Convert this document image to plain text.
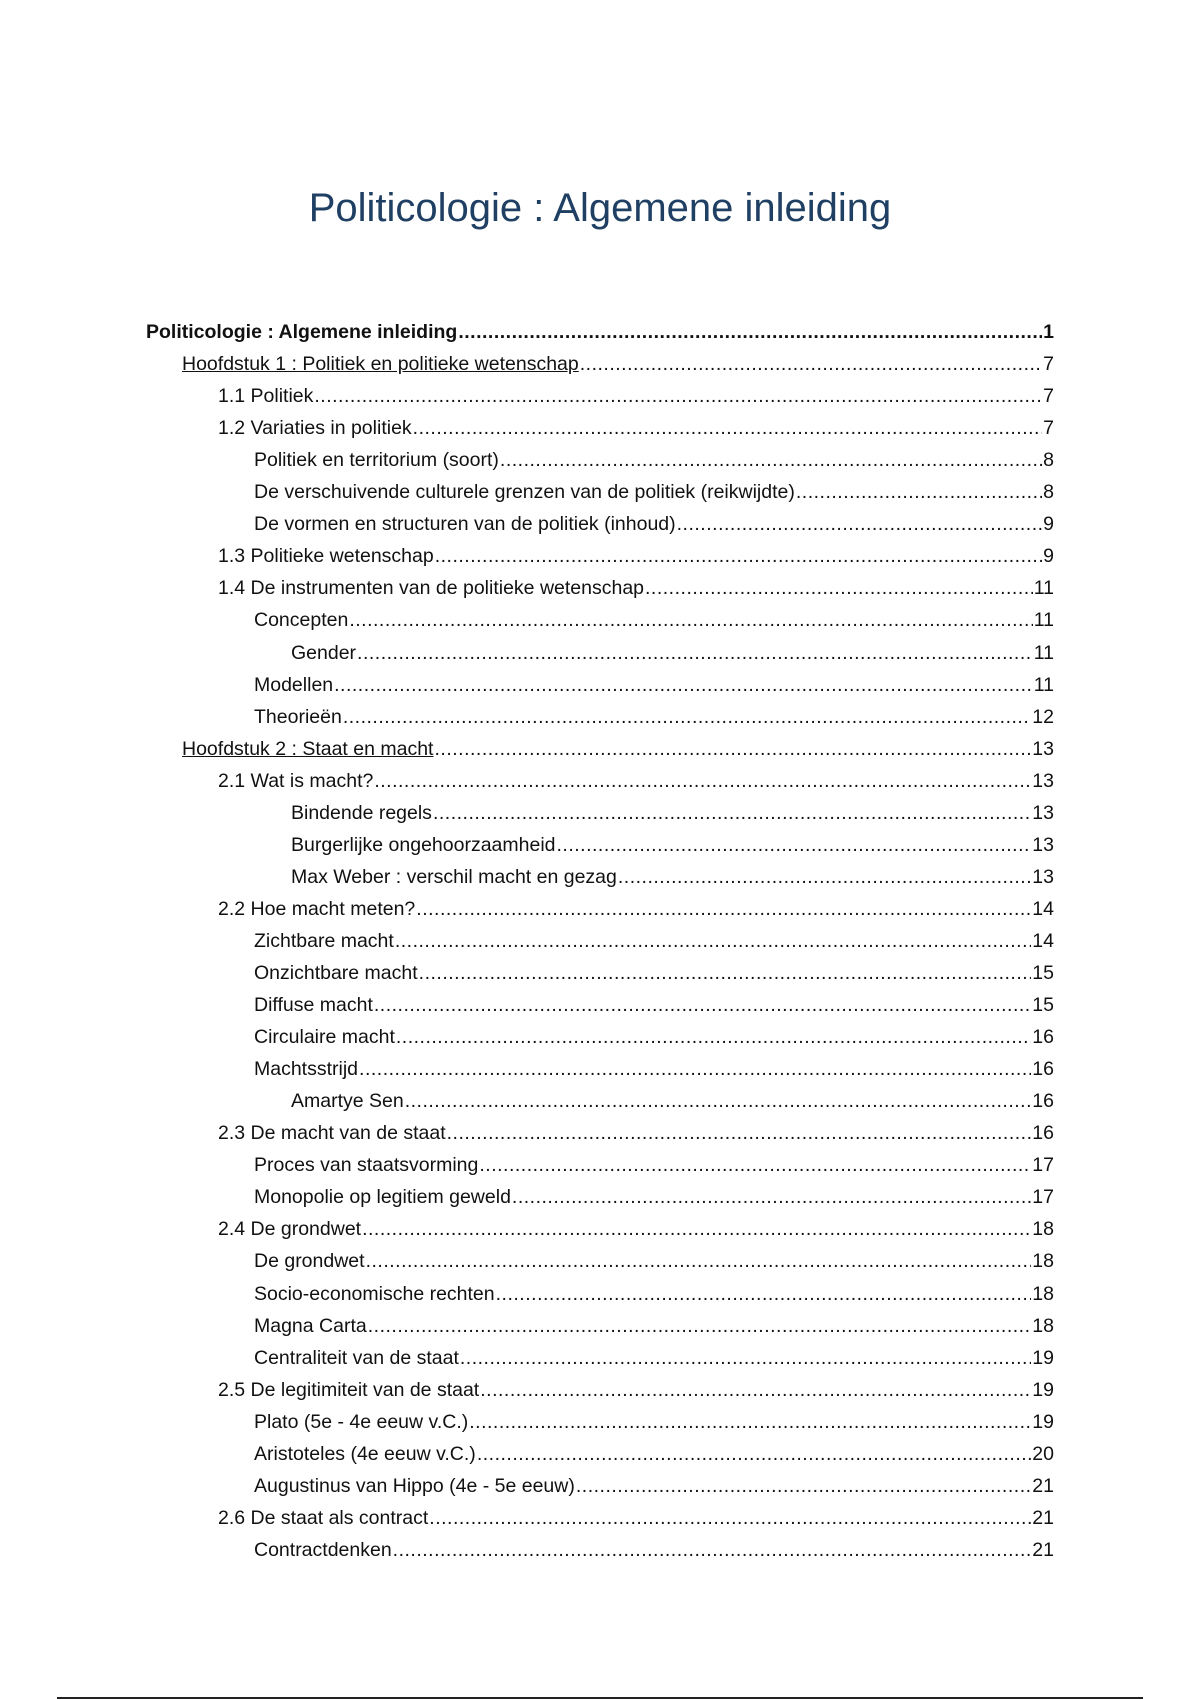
Politicologie : Algemene inleiding
Politicologie : Algemene inleiding .....	1
Hoofdstuk 1 : Politiek en politieke wetenschap .....	7
1.1 Politiek .....	7
1.2 Variaties in politiek .....	7
Politiek en territorium (soort) .....	8
De verschuivende culturele grenzen van de politiek (reikwijdte) .....	8
De vormen en structuren van de politiek (inhoud) .....	9
1.3 Politieke wetenschap .....	9
1.4 De instrumenten van de politieke wetenschap .....	11
Concepten .....	11
Gender .....	11
Modellen .....	11
Theorieën .....	12
Hoofdstuk 2 : Staat en macht .....	13
2.1 Wat is macht? .....	13
Bindende regels .....	13
Burgerlijke ongehoorzaamheid .....	13
Max Weber : verschil macht en gezag .....	13
2.2 Hoe macht meten? .....	14
Zichtbare macht .....	14
Onzichtbare macht .....	15
Diffuse macht .....	15
Circulaire macht .....	16
Machtsstrijd .....	16
Amartye Sen .....	16
2.3 De macht van de staat .....	16
Proces van staatsvorming .....	17
Monopolie op legitiem geweld .....	17
2.4 De grondwet .....	18
De grondwet .....	18
Socio-economische rechten .....	18
Magna Carta .....	18
Centraliteit van de staat .....	19
2.5 De legitimiteit van de staat .....	19
Plato (5e - 4e eeuw v.C.) .....	19
Aristoteles (4e eeuw v.C.) .....	20
Augustinus van Hippo (4e - 5e eeuw) .....	21
2.6 De staat als contract .....	21
Contractdenken .....	21
